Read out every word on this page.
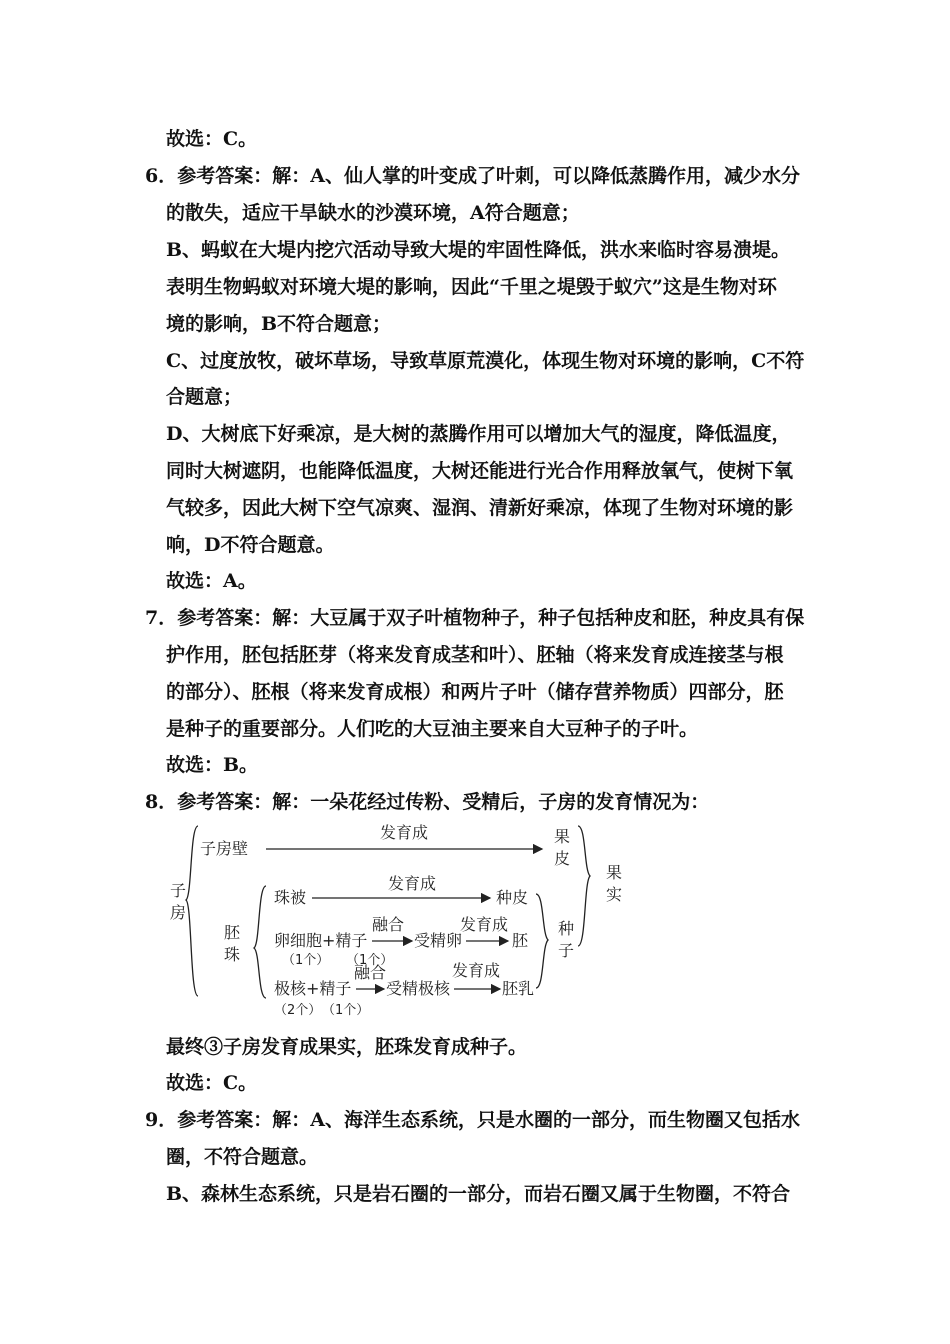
故选：C。
6．参考答案：解：A、仙人掌的叶变成了叶刺，可以降低蒸腾作用，减少水分
的散失，适应干旱缺水的沙漠环境，A符合题意；
B、蚂蚁在大堤内挖穴活动导致大堤的牢固性降低，洪水来临时容易溃堤。
表明生物蚂蚁对环境大堤的影响，因此“千里之堤毁于蚁穴”这是生物对环
境的影响，B不符合题意；
C、过度放牧，破坏草场，导致草原荒漠化，体现生物对环境的影响，C不符
合题意；
D、大树底下好乘凉，是大树的蒸腾作用可以增加大气的湿度，降低温度，
同时大树遮阴，也能降低温度，大树还能进行光合作用释放氧气，使树下氧
气较多，因此大树下空气凉爽、湿润、清新好乘凉，体现了生物对环境的影
响，D不符合题意。
故选：A。
7．参考答案：解：大豆属于双子叶植物种子，种子包括种皮和胚，种皮具有保
护作用，胚包括胚芽（将来发育成茎和叶）、胚轴（将来发育成连接茎与根
的部分）、胚根（将来发育成根）和两片子叶（储存营养物质）四部分，胚
是种子的重要部分。人们吃的大豆油主要来自大豆种子的子叶。
故选：B。
8．参考答案：解：一朵花经过传粉、受精后，子房的发育情况为：
子
房
子房壁
发育成	果
皮
果
实
胚
珠
珠被
发育成
种皮
卵细胞+精子
（1个） （1个）
融合
受精卵
发育成
胚
种
子
极核+精子
（2个） （1个）
融合
受精极核
发育成
胚乳
最终③子房发育成果实，胚珠发育成种子。
故选：C。
9．参考答案：解：A、海洋生态系统，只是水圈的一部分，而生物圈又包括水
圈，不符合题意。
B、森林生态系统，只是岩石圈的一部分，而岩石圈又属于生物圈，不符合
